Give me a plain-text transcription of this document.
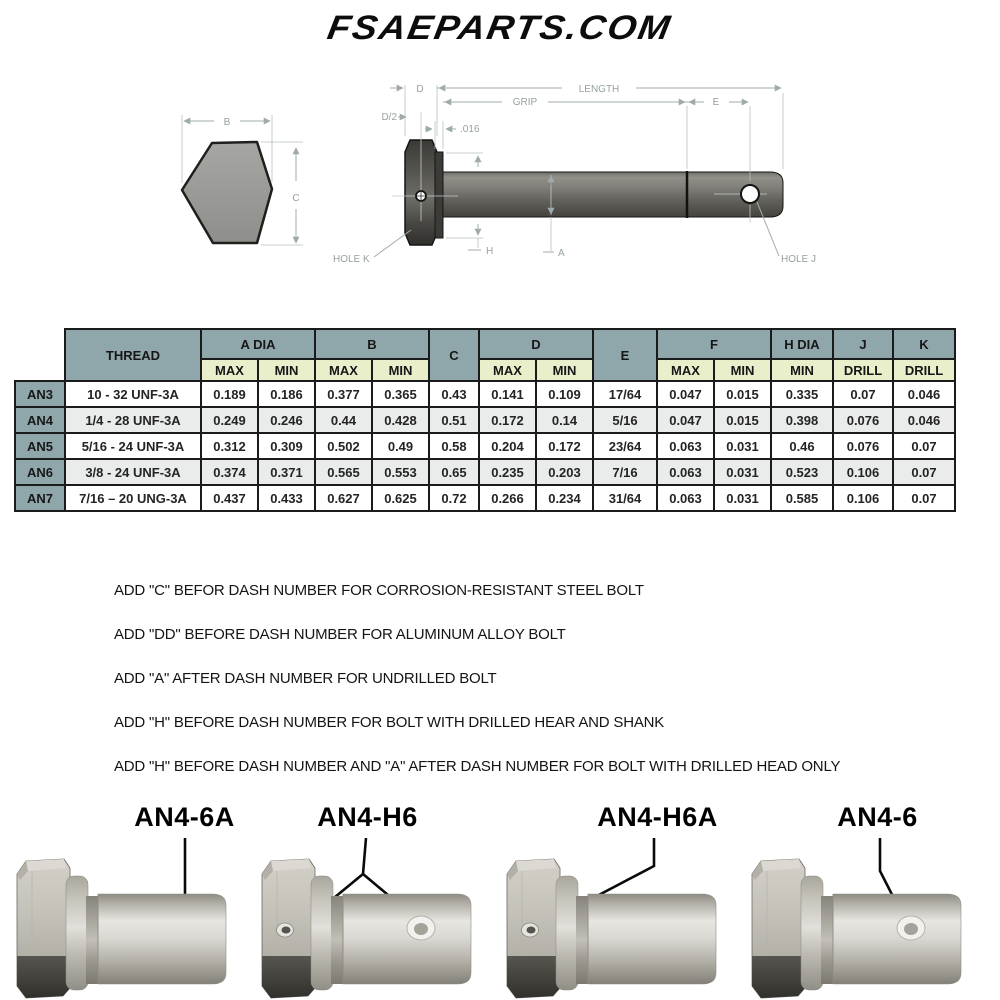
FSAEPARTS.COM
B
C
D	LENGTH
GRIP	E
D/2
.016
H	A
HOLE K	HOLE J
	THREAD	A DIA		B		C	D		E	F		H DIA	J	K
		MAX	MIN	MAX	MIN		MAX	MIN		MAX	MIN	MIN	DRILL	DRILL
AN3	10 - 32 UNF-3A	0.189	0.186	0.377	0.365	0.43	0.141	0.109	17/64	0.047	0.015	0.335	0.07	0.046
AN4	1/4 - 28 UNF-3A	0.249	0.246	0.44	0.428	0.51	0.172	0.14	5/16	0.047	0.015	0.398	0.076	0.046
AN5	5/16 - 24 UNF-3A	0.312	0.309	0.502	0.49	0.58	0.204	0.172	23/64	0.063	0.031	0.46	0.076	0.07
AN6	3/8 - 24 UNF-3A	0.374	0.371	0.565	0.553	0.65	0.235	0.203	7/16	0.063	0.031	0.523	0.106	0.07
AN7	7/16 – 20 UNG-3A	0.437	0.433	0.627	0.625	0.72	0.266	0.234	31/64	0.063	0.031	0.585	0.106	0.07
ADD "C" BEFOR DASH NUMBER FOR CORROSION-RESISTANT STEEL BOLT
ADD "DD" BEFORE DASH NUMBER FOR ALUMINUM ALLOY BOLT
ADD "A" AFTER DASH NUMBER FOR UNDRILLED BOLT
ADD "H" BEFORE DASH NUMBER FOR BOLT WITH DRILLED HEAR AND SHANK
ADD "H" BEFORE DASH NUMBER AND "A" AFTER DASH NUMBER FOR BOLT WITH DRILLED HEAD ONLY
AN4-6A	AN4-H6	AN4-H6A	AN4-6
